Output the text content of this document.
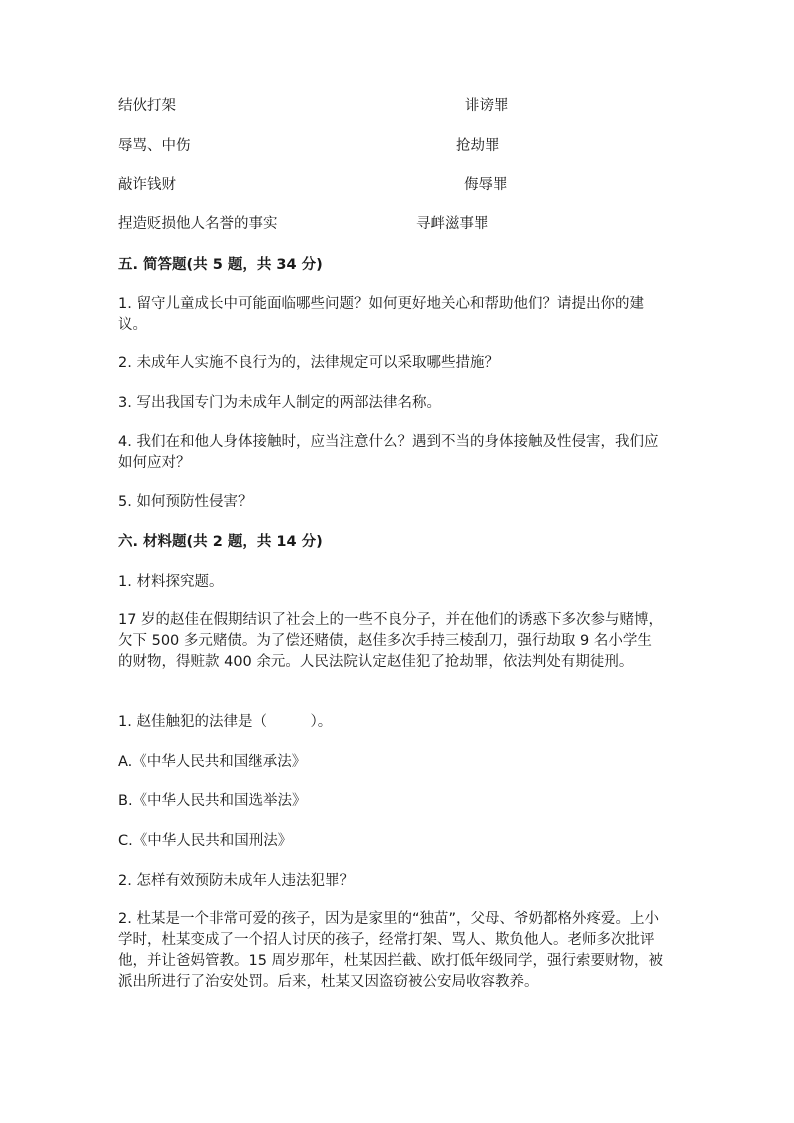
结伙打架	诽谤罪
辱骂、中伤	抢劫罪
敲诈钱财	侮辱罪
捏造贬损他人名誉的事实	寻衅滋事罪
五. 简答题(共 5 题，共 34 分)
1. 留守儿童成长中可能面临哪些问题？如何更好地关心和帮助他们？请提出你的建议。
2. 未成年人实施不良行为的，法律规定可以采取哪些措施？
3. 写出我国专门为未成年人制定的两部法律名称。
4. 我们在和他人身体接触时，应当注意什么？遇到不当的身体接触及性侵害，我们应如何应对？
5. 如何预防性侵害？
六. 材料题(共 2 题，共 14 分)
1. 材料探究题。
17 岁的赵佳在假期结识了社会上的一些不良分子，并在他们的诱惑下多次参与赌博，欠下 500 多元赌债。为了偿还赌债，赵佳多次手持三棱刮刀，强行劫取 9 名小学生的财物，得赃款 400 余元。人民法院认定赵佳犯了抢劫罪，依法判处有期徒刑。
1. 赵佳触犯的法律是（　　　）。
A.《中华人民共和国继承法》
B.《中华人民共和国选举法》
C.《中华人民共和国刑法》
2. 怎样有效预防未成年人违法犯罪？
2. 杜某是一个非常可爱的孩子，因为是家里的“独苗”，父母、爷奶都格外疼爱。上小学时，杜某变成了一个招人讨厌的孩子，经常打架、骂人、欺负他人。老师多次批评他，并让爸妈管教。15 周岁那年，杜某因拦截、欧打低年级同学，强行索要财物，被派出所进行了治安处罚。后来，杜某又因盗窃被公安局收容教养。
